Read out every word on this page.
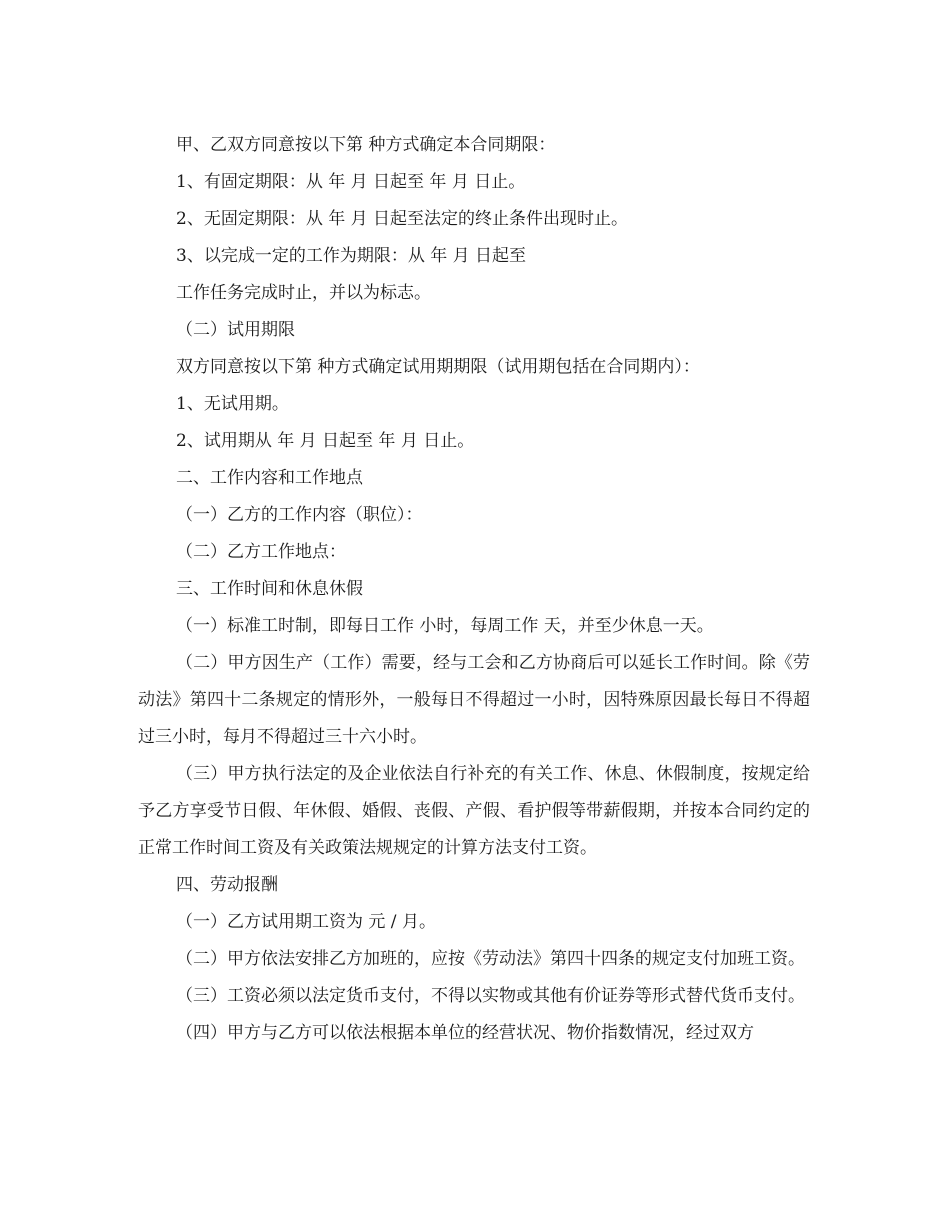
甲、乙双方同意按以下第 种方式确定本合同期限：

1、有固定期限：从 年 月 日起至 年 月 日止。

2、无固定期限：从 年 月 日起至法定的终止条件出现时止。

3、以完成一定的工作为期限：从 年 月 日起至

工作任务完成时止，并以为标志。

（二）试用期限

双方同意按以下第 种方式确定试用期期限（试用期包括在合同期内）：

1、无试用期。

2、试用期从 年 月 日起至 年 月 日止。

二、工作内容和工作地点

（一）乙方的工作内容（职位）：

（二）乙方工作地点：

三、工作时间和休息休假

（一）标准工时制，即每日工作 小时，每周工作 天，并至少休息一天。

（二）甲方因生产（工作）需要，经与工会和乙方协商后可以延长工作时间。除《劳动法》第四十二条规定的情形外，一般每日不得超过一小时，因特殊原因最长每日不得超过三小时，每月不得超过三十六小时。

（三）甲方执行法定的及企业依法自行补充的有关工作、休息、休假制度，按规定给予乙方享受节日假、年休假、婚假、丧假、产假、看护假等带薪假期，并按本合同约定的正常工作时间工资及有关政策法规规定的计算方法支付工资。

四、劳动报酬

（一）乙方试用期工资为 元 / 月。

（二）甲方依法安排乙方加班的，应按《劳动法》第四十四条的规定支付加班工资。

（三）工资必须以法定货币支付，不得以实物或其他有价证券等形式替代货币支付。

（四）甲方与乙方可以依法根据本单位的经营状况、物价指数情况，经过双方
